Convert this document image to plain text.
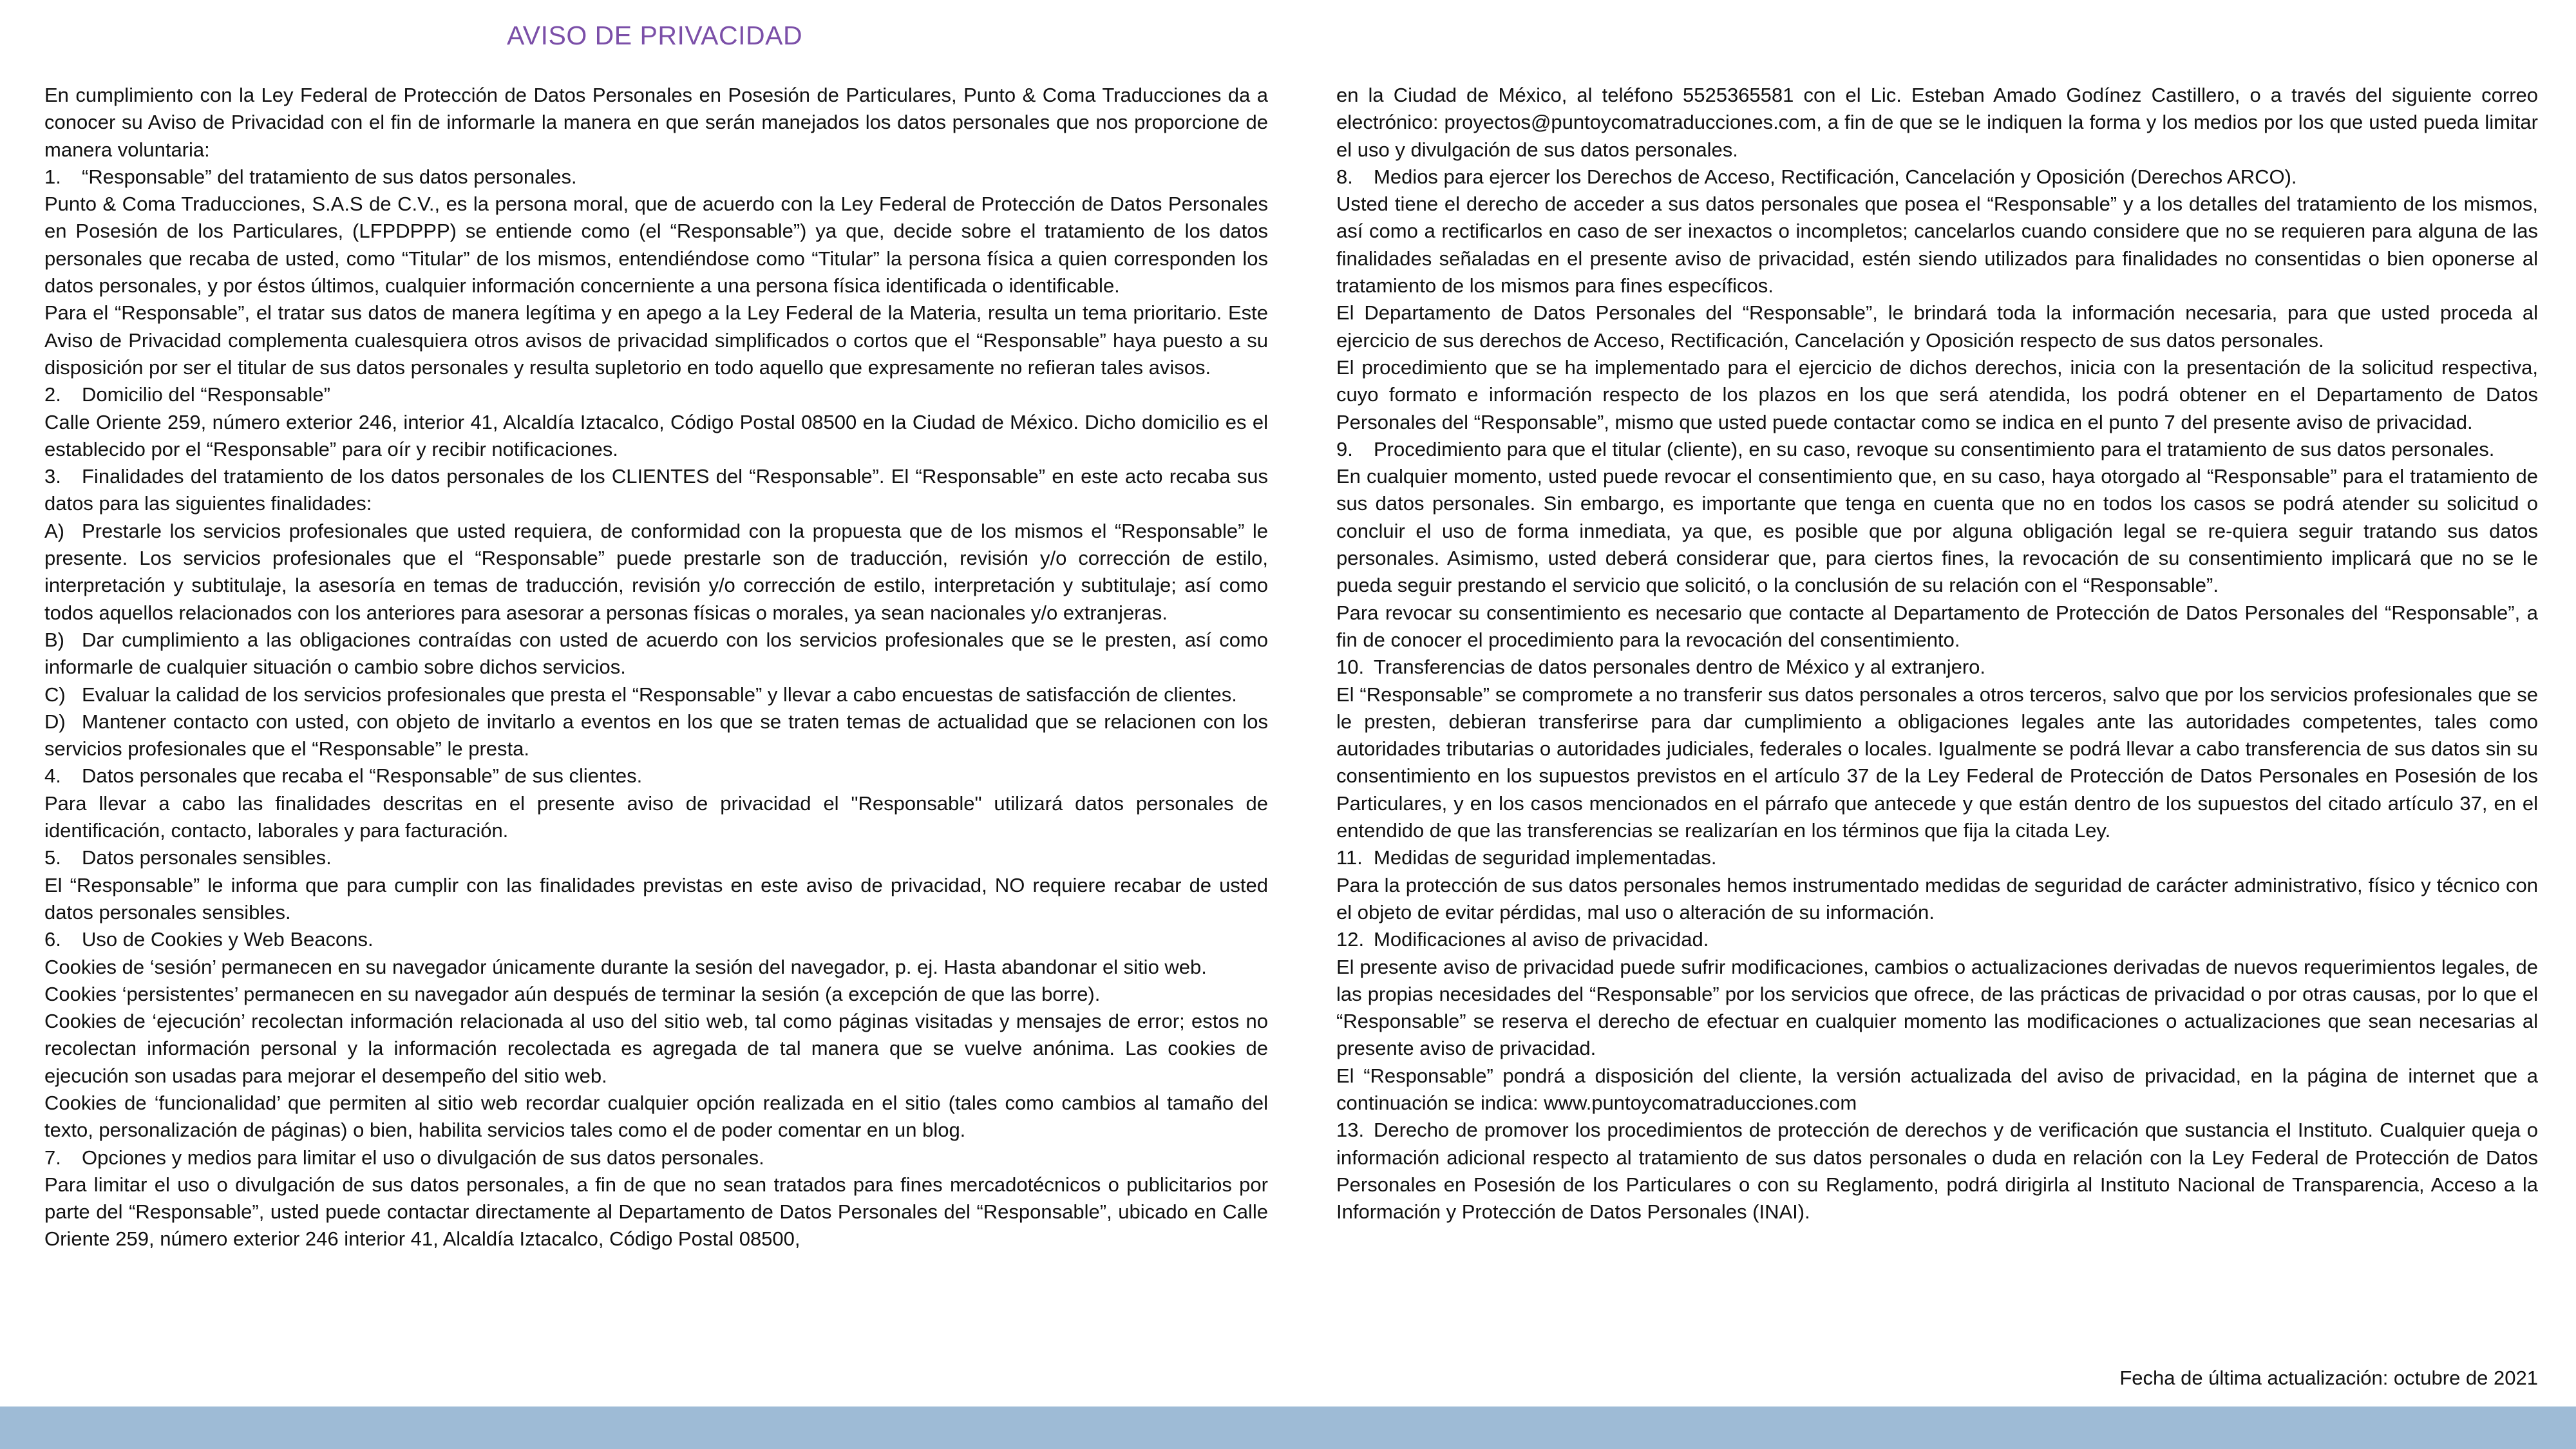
AVISO DE PRIVACIDAD

En cumplimiento con la Ley Federal de Protección de Datos Personales en Posesión de Particulares, Punto & Coma Traducciones da a conocer su Aviso de Privacidad con el fin de informarle la manera en que serán manejados los datos personales que nos proporcione de manera voluntaria:

1. “Responsable” del tratamiento de sus datos personales.

Punto & Coma Traducciones, S.A.S de C.V., es la persona moral, que de acuerdo con la Ley Federal de Protección de Datos Personales en Posesión de los Particulares, (LFPDPPP) se entiende como (el “Responsable”) ya que, decide sobre el tratamiento de los datos personales que recaba de usted, como “Titular” de los mismos, entendiéndose como “Titular” la persona física a quien corresponden los datos personales, y por éstos últimos, cualquier información concerniente a una persona física identificada o identificable.

Para el “Responsable”, el tratar sus datos de manera legítima y en apego a la Ley Federal de la Materia, resulta un tema prioritario. Este Aviso de Privacidad complementa cualesquiera otros avisos de privacidad simplificados o cortos que el “Responsable” haya puesto a su disposición por ser el titular de sus datos personales y resulta supletorio en todo aquello que expresamente no refieran tales avisos.

2. Domicilio del “Responsable”

Calle Oriente 259, número exterior 246, interior 41, Alcaldía Iztacalco, Código Postal 08500 en la Ciudad de México. Dicho domicilio es el establecido por el “Responsable” para oír y recibir notificaciones.

3. Finalidades del tratamiento de los datos personales de los CLIENTES del “Responsable”. El “Responsable” en este acto recaba sus datos para las siguientes finalidades:

A) Prestarle los servicios profesionales que usted requiera, de conformidad con la propuesta que de los mismos el “Responsable” le presente. Los servicios profesionales que el “Responsable” puede prestarle son de traducción, revisión y/o corrección de estilo, interpretación y subtitulaje, la asesoría en temas de traducción, revisión y/o corrección de estilo, interpretación y subtitulaje; así como todos aquellos relacionados con los anteriores para asesorar a personas físicas o morales, ya sean nacionales y/o extranjeras.

B) Dar cumplimiento a las obligaciones contraídas con usted de acuerdo con los servicios profesionales que se le presten, así como informarle de cualquier situación o cambio sobre dichos servicios.

C) Evaluar la calidad de los servicios profesionales que presta el “Responsable” y llevar a cabo encuestas de satisfacción de clientes.

D) Mantener contacto con usted, con objeto de invitarlo a eventos en los que se traten temas de actualidad que se relacionen con los servicios profesionales que el “Responsable” le presta.

4. Datos personales que recaba el “Responsable” de sus clientes.

Para llevar a cabo las finalidades descritas en el presente aviso de privacidad el "Responsable" utilizará datos personales de identificación, contacto, laborales y para facturación.

5. Datos personales sensibles.

El “Responsable” le informa que para cumplir con las finalidades previstas en este aviso de privacidad, NO requiere recabar de usted datos personales sensibles.

6. Uso de Cookies y Web Beacons.

Cookies de ‘sesión’ permanecen en su navegador únicamente durante la sesión del navegador, p. ej. Hasta abandonar el sitio web.

Cookies ‘persistentes’ permanecen en su navegador aún después de terminar la sesión (a excepción de que las borre).

Cookies de ‘ejecución’ recolectan información relacionada al uso del sitio web, tal como páginas visitadas y mensajes de error; estos no recolectan información personal y la información recolectada es agregada de tal manera que se vuelve anónima. Las cookies de ejecución son usadas para mejorar el desempeño del sitio web.

Cookies de ‘funcionalidad’ que permiten al sitio web recordar cualquier opción realizada en el sitio (tales como cambios al tamaño del texto, personalización de páginas) o bien, habilita servicios tales como el de poder comentar en un blog.

7. Opciones y medios para limitar el uso o divulgación de sus datos personales.

Para limitar el uso o divulgación de sus datos personales, a fin de que no sean tratados para fines mercadotécnicos o publicitarios por parte del “Responsable”, usted puede contactar directamente al Departamento de Datos Personales del “Responsable”, ubicado en Calle Oriente 259, número exterior 246 interior 41, Alcaldía Iztacalco, Código Postal 08500,

en la Ciudad de México, al teléfono 5525365581 con el Lic. Esteban Amado Godínez Castillero, o a través del siguiente correo electrónico: proyectos@puntoycomatraducciones.com, a fin de que se le indiquen la forma y los medios por los que usted pueda limitar el uso y divulgación de sus datos personales.

8. Medios para ejercer los Derechos de Acceso, Rectificación, Cancelación y Oposición (Derechos ARCO).

Usted tiene el derecho de acceder a sus datos personales que posea el “Responsable” y a los detalles del tratamiento de los mismos, así como a rectificarlos en caso de ser inexactos o incompletos; cancelarlos cuando considere que no se requieren para alguna de las finalidades señaladas en el presente aviso de privacidad, estén siendo utilizados para finalidades no consentidas o bien oponerse al tratamiento de los mismos para fines específicos.

El Departamento de Datos Personales del “Responsable”, le brindará toda la información necesaria, para que usted proceda al ejercicio de sus derechos de Acceso, Rectificación, Cancelación y Oposición respecto de sus datos personales.

El procedimiento que se ha implementado para el ejercicio de dichos derechos, inicia con la presentación de la solicitud respectiva, cuyo formato e información respecto de los plazos en los que será atendida, los podrá obtener en el Departamento de Datos Personales del “Responsable”, mismo que usted puede contactar como se indica en el punto 7 del presente aviso de privacidad.

9. Procedimiento para que el titular (cliente), en su caso, revoque su consentimiento para el tratamiento de sus datos personales.

En cualquier momento, usted puede revocar el consentimiento que, en su caso, haya otorgado al “Responsable” para el tratamiento de sus datos personales. Sin embargo, es importante que tenga en cuenta que no en todos los casos se podrá atender su solicitud o concluir el uso de forma inmediata, ya que, es posible que por alguna obligación legal se re-quiera seguir tratando sus datos personales. Asimismo, usted deberá considerar que, para ciertos fines, la revocación de su consentimiento implicará que no se le pueda seguir prestando el servicio que solicitó, o la conclusión de su relación con el “Responsable”.

Para revocar su consentimiento es necesario que contacte al Departamento de Protección de Datos Personales del “Responsable”, a fin de conocer el procedimiento para la revocación del consentimiento.

10. Transferencias de datos personales dentro de México y al extranjero.

El “Responsable” se compromete a no transferir sus datos personales a otros terceros, salvo que por los servicios profesionales que se le presten, debieran transferirse para dar cumplimiento a obligaciones legales ante las autoridades competentes, tales como autoridades tributarias o autoridades judiciales, federales o locales. Igualmente se podrá llevar a cabo transferencia de sus datos sin su consentimiento en los supuestos previstos en el artículo 37 de la Ley Federal de Protección de Datos Personales en Posesión de los Particulares, y en los casos mencionados en el párrafo que antecede y que están dentro de los supuestos del citado artículo 37, en el entendido de que las transferencias se realizarían en los términos que fija la citada Ley.

11. Medidas de seguridad implementadas.

Para la protección de sus datos personales hemos instrumentado medidas de seguridad de carácter administrativo, físico y técnico con el objeto de evitar pérdidas, mal uso o alteración de su información.

12. Modificaciones al aviso de privacidad.

El presente aviso de privacidad puede sufrir modificaciones, cambios o actualizaciones derivadas de nuevos requerimientos legales, de las propias necesidades del “Responsable” por los servicios que ofrece, de las prácticas de privacidad o por otras causas, por lo que el “Responsable” se reserva el derecho de efectuar en cualquier momento las modificaciones o actualizaciones que sean necesarias al presente aviso de privacidad.

El “Responsable” pondrá a disposición del cliente, la versión actualizada del aviso de privacidad, en la página de internet que a continuación se indica: www.puntoycomatraducciones.com

13. Derecho de promover los procedimientos de protección de derechos y de verificación que sustancia el Instituto. Cualquier queja o información adicional respecto al tratamiento de sus datos personales o duda en relación con la Ley Federal de Protección de Datos Personales en Posesión de los Particulares o con su Reglamento, podrá dirigirla al Instituto Nacional de Transparencia, Acceso a la Información y Protección de Datos Personales (INAI).

Fecha de última actualización: octubre de 2021
